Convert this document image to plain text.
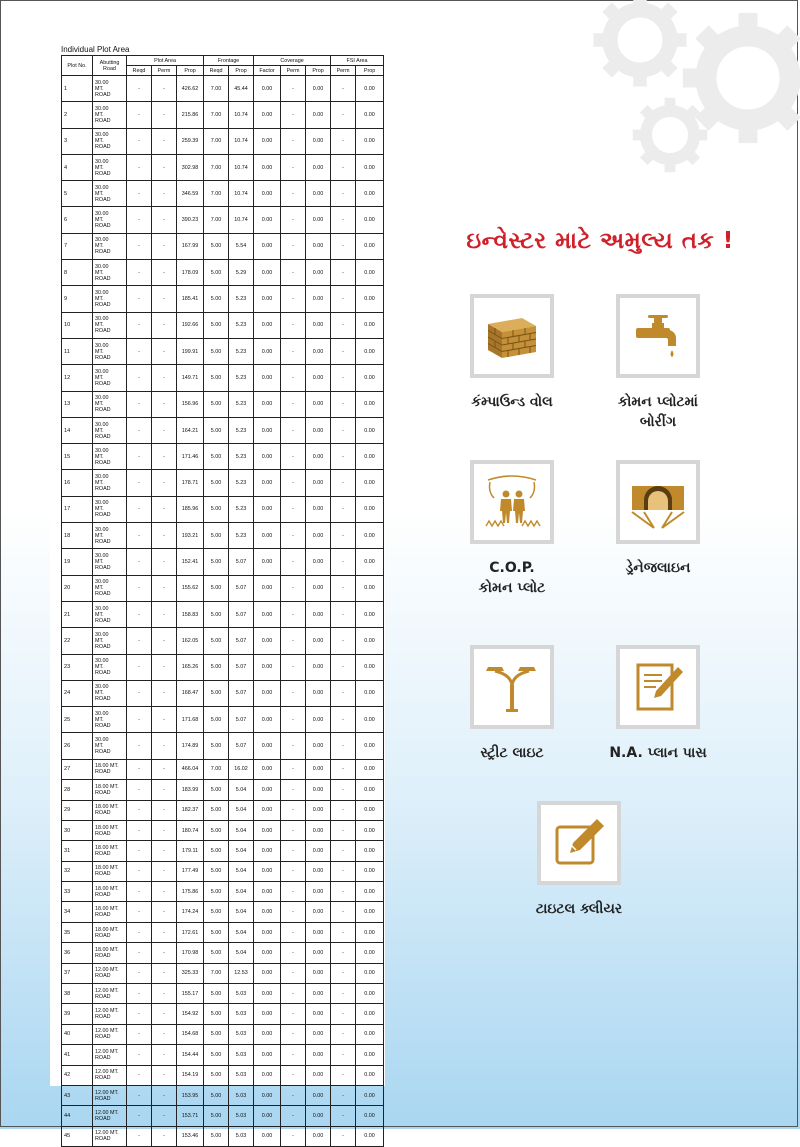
Individual Plot Area
Plot No.	Abutting Road	Plot Area			Frontage		Coverage			FSI Area	
		Reqd	Perm	Prop	Reqd	Prop	Factor	Perm	Prop	Perm	Prop
1	30.00
MT.
ROAD	-	-	426.62	7.00	45.44	0.00	-	0.00	-	0.00
2	30.00
MT.
ROAD	-	-	215.86	7.00	10.74	0.00	-	0.00	-	0.00
3	30.00
MT.
ROAD	-	-	259.39	7.00	10.74	0.00	-	0.00	-	0.00
4	30.00
MT.
ROAD	-	-	302.98	7.00	10.74	0.00	-	0.00	-	0.00
5	30.00
MT.
ROAD	-	-	346.59	7.00	10.74	0.00	-	0.00	-	0.00
6	30.00
MT.
ROAD	-	-	390.23	7.00	10.74	0.00	-	0.00	-	0.00
7	30.00
MT.
ROAD	-	-	167.99	5.00	5.54	0.00	-	0.00	-	0.00
8	30.00
MT.
ROAD	-	-	178.09	5.00	5.29	0.00	-	0.00	-	0.00
9	30.00
MT.
ROAD	-	-	185.41	5.00	5.23	0.00	-	0.00	-	0.00
10	30.00
MT.
ROAD	-	-	192.66	5.00	5.23	0.00	-	0.00	-	0.00
11	30.00
MT.
ROAD	-	-	199.91	5.00	5.23	0.00	-	0.00	-	0.00
12	30.00
MT.
ROAD	-	-	149.71	5.00	5.23	0.00	-	0.00	-	0.00
13	30.00
MT.
ROAD	-	-	156.96	5.00	5.23	0.00	-	0.00	-	0.00
14	30.00
MT.
ROAD	-	-	164.21	5.00	5.23	0.00	-	0.00	-	0.00
15	30.00
MT.
ROAD	-	-	171.46	5.00	5.23	0.00	-	0.00	-	0.00
16	30.00
MT.
ROAD	-	-	178.71	5.00	5.23	0.00	-	0.00	-	0.00
17	30.00
MT.
ROAD	-	-	185.96	5.00	5.23	0.00	-	0.00	-	0.00
18	30.00
MT.
ROAD	-	-	193.21	5.00	5.23	0.00	-	0.00	-	0.00
19	30.00
MT.
ROAD	-	-	152.41	5.00	5.07	0.00	-	0.00	-	0.00
20	30.00
MT.
ROAD	-	-	155.62	5.00	5.07	0.00	-	0.00	-	0.00
21	30.00
MT.
ROAD	-	-	158.83	5.00	5.07	0.00	-	0.00	-	0.00
22	30.00
MT.
ROAD	-	-	162.05	5.00	5.07	0.00	-	0.00	-	0.00
23	30.00
MT.
ROAD	-	-	165.26	5.00	5.07	0.00	-	0.00	-	0.00
24	30.00
MT.
ROAD	-	-	168.47	5.00	5.07	0.00	-	0.00	-	0.00
25	30.00
MT.
ROAD	-	-	171.68	5.00	5.07	0.00	-	0.00	-	0.00
26	30.00
MT.
ROAD	-	-	174.89	5.00	5.07	0.00	-	0.00	-	0.00
27	18.00 MT.
ROAD	-	-	466.04	7.00	16.02	0.00	-	0.00	-	0.00
28	18.00 MT.
ROAD	-	-	183.99	5.00	5.04	0.00	-	0.00	-	0.00
29	18.00 MT.
ROAD	-	-	182.37	5.00	5.04	0.00	-	0.00	-	0.00
30	18.00 MT.
ROAD	-	-	180.74	5.00	5.04	0.00	-	0.00	-	0.00
31	18.00 MT.
ROAD	-	-	179.11	5.00	5.04	0.00	-	0.00	-	0.00
32	18.00 MT.
ROAD	-	-	177.49	5.00	5.04	0.00	-	0.00	-	0.00
33	18.00 MT.
ROAD	-	-	175.86	5.00	5.04	0.00	-	0.00	-	0.00
34	18.00 MT.
ROAD	-	-	174.24	5.00	5.04	0.00	-	0.00	-	0.00
35	18.00 MT.
ROAD	-	-	172.61	5.00	5.04	0.00	-	0.00	-	0.00
36	18.00 MT.
ROAD	-	-	170.98	5.00	5.04	0.00	-	0.00	-	0.00
37	12.00 MT.
ROAD	-	-	325.33	7.00	12.53	0.00	-	0.00	-	0.00
38	12.00 MT.
ROAD	-	-	155.17	5.00	5.03	0.00	-	0.00	-	0.00
39	12.00 MT.
ROAD	-	-	154.92	5.00	5.03	0.00	-	0.00	-	0.00
40	12.00 MT.
ROAD	-	-	154.68	5.00	5.03	0.00	-	0.00	-	0.00
41	12.00 MT.
ROAD	-	-	154.44	5.00	5.03	0.00	-	0.00	-	0.00
42	12.00 MT.
ROAD	-	-	154.19	5.00	5.03	0.00	-	0.00	-	0.00
43	12.00 MT.
ROAD	-	-	153.95	5.00	5.03	0.00	-	0.00	-	0.00
44	12.00 MT.
ROAD	-	-	153.71	5.00	5.03	0.00	-	0.00	-	0.00
45	12.00 MT.
ROAD	-	-	153.46	5.00	5.03	0.00	-	0.00	-	0.00
ઇન્વેસ્ટર માટે અમુલ્ય તક !
કંમ્પાઉન્ડ વોલ	કોમન પ્લોટમાં
બોરીંગ
C.O.P.
કોમન પ્લોટ
ડ્રેનેજલાઇન
સ્ટ્રીટ લાઇટ	N.A. પ્લાન પાસ
ટાઇટલ ક્લીયર
